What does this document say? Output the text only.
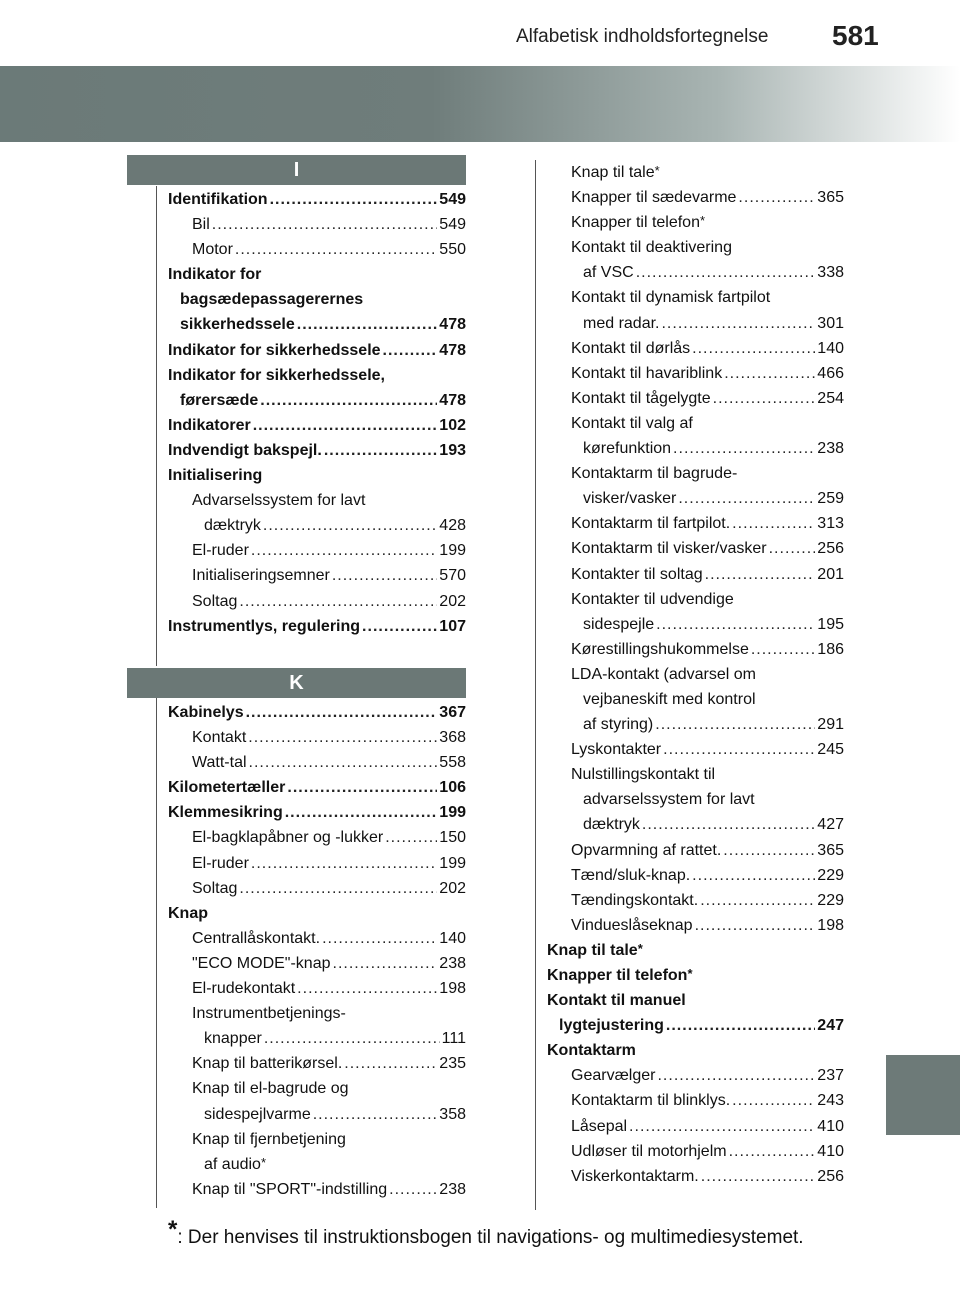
Alfabetisk indholdsfortegnelse 581
I
Identifikation .....	549
Bil .....	549
Motor .....	550
Indikator for
bagsædepassagerernes
sikkerhedssele .....	478
Indikator for sikkerhedssele .....	478
Indikator for sikkerhedssele,
førersæde .....	478
Indikatorer .....	102
Indvendigt bakspejl. .....	193
Initialisering
Advarselssystem for lavt
dæktryk .....	428
El-ruder .....	199
Initialiseringsemner .....	570
Soltag .....	202
Instrumentlys, regulering .....	107
K
Kabinelys .....	367
Kontakt .....	368
Watt-tal .....	558
Kilometertæller .....	106
Klemmesikring .....	199
El-bagklapåbner og -lukker .....	150
El-ruder .....	199
Soltag .....	202
Knap
Centrallåskontakt. .....	140
"ECO MODE"-knap .....	238
El-rudekontakt .....	198
Instrumentbetjenings-
knapper .....	111
Knap til batterikørsel. .....	235
Knap til el-bagrude og
sidespejlvarme .....	358
Knap til fjernbetjening
af audio*
Knap til "SPORT"-indstilling .....	238
Knap til tale*
Knapper til sædevarme .....	365
Knapper til telefon*
Kontakt til deaktivering
af VSC .....	338
Kontakt til dynamisk fartpilot
med radar. .....	301
Kontakt til dørlås .....	140
Kontakt til havariblink .....	466
Kontakt til tågelygte .....	254
Kontakt til valg af
kørefunktion .....	238
Kontaktarm til bagrude-
visker/vasker .....	259
Kontaktarm til fartpilot. .....	313
Kontaktarm til visker/vasker .....	256
Kontakter til soltag .....	201
Kontakter til udvendige
sidespejle .....	195
Kørestillingshukommelse .....	186
LDA-kontakt (advarsel om
vejbaneskift med kontrol
af styring) .....	291
Lyskontakter .....	245
Nulstillingskontakt til
advarselssystem for lavt
dæktryk .....	427
Opvarmning af rattet. .....	365
Tænd/sluk-knap. .....	229
Tændingskontakt. .....	229
Vindueslåseknap .....	198
Knap til tale*
Knapper til telefon*
Kontakt til manuel
lygtejustering .....	247
Kontaktarm
Gearvælger .....	237
Kontaktarm til blinklys. .....	243
Låsepal .....	410
Udløser til motorhjelm .....	410
Viskerkontaktarm. .....	256
*: Der henvises til instruktionsbogen til navigations- og multimediesystemet.
